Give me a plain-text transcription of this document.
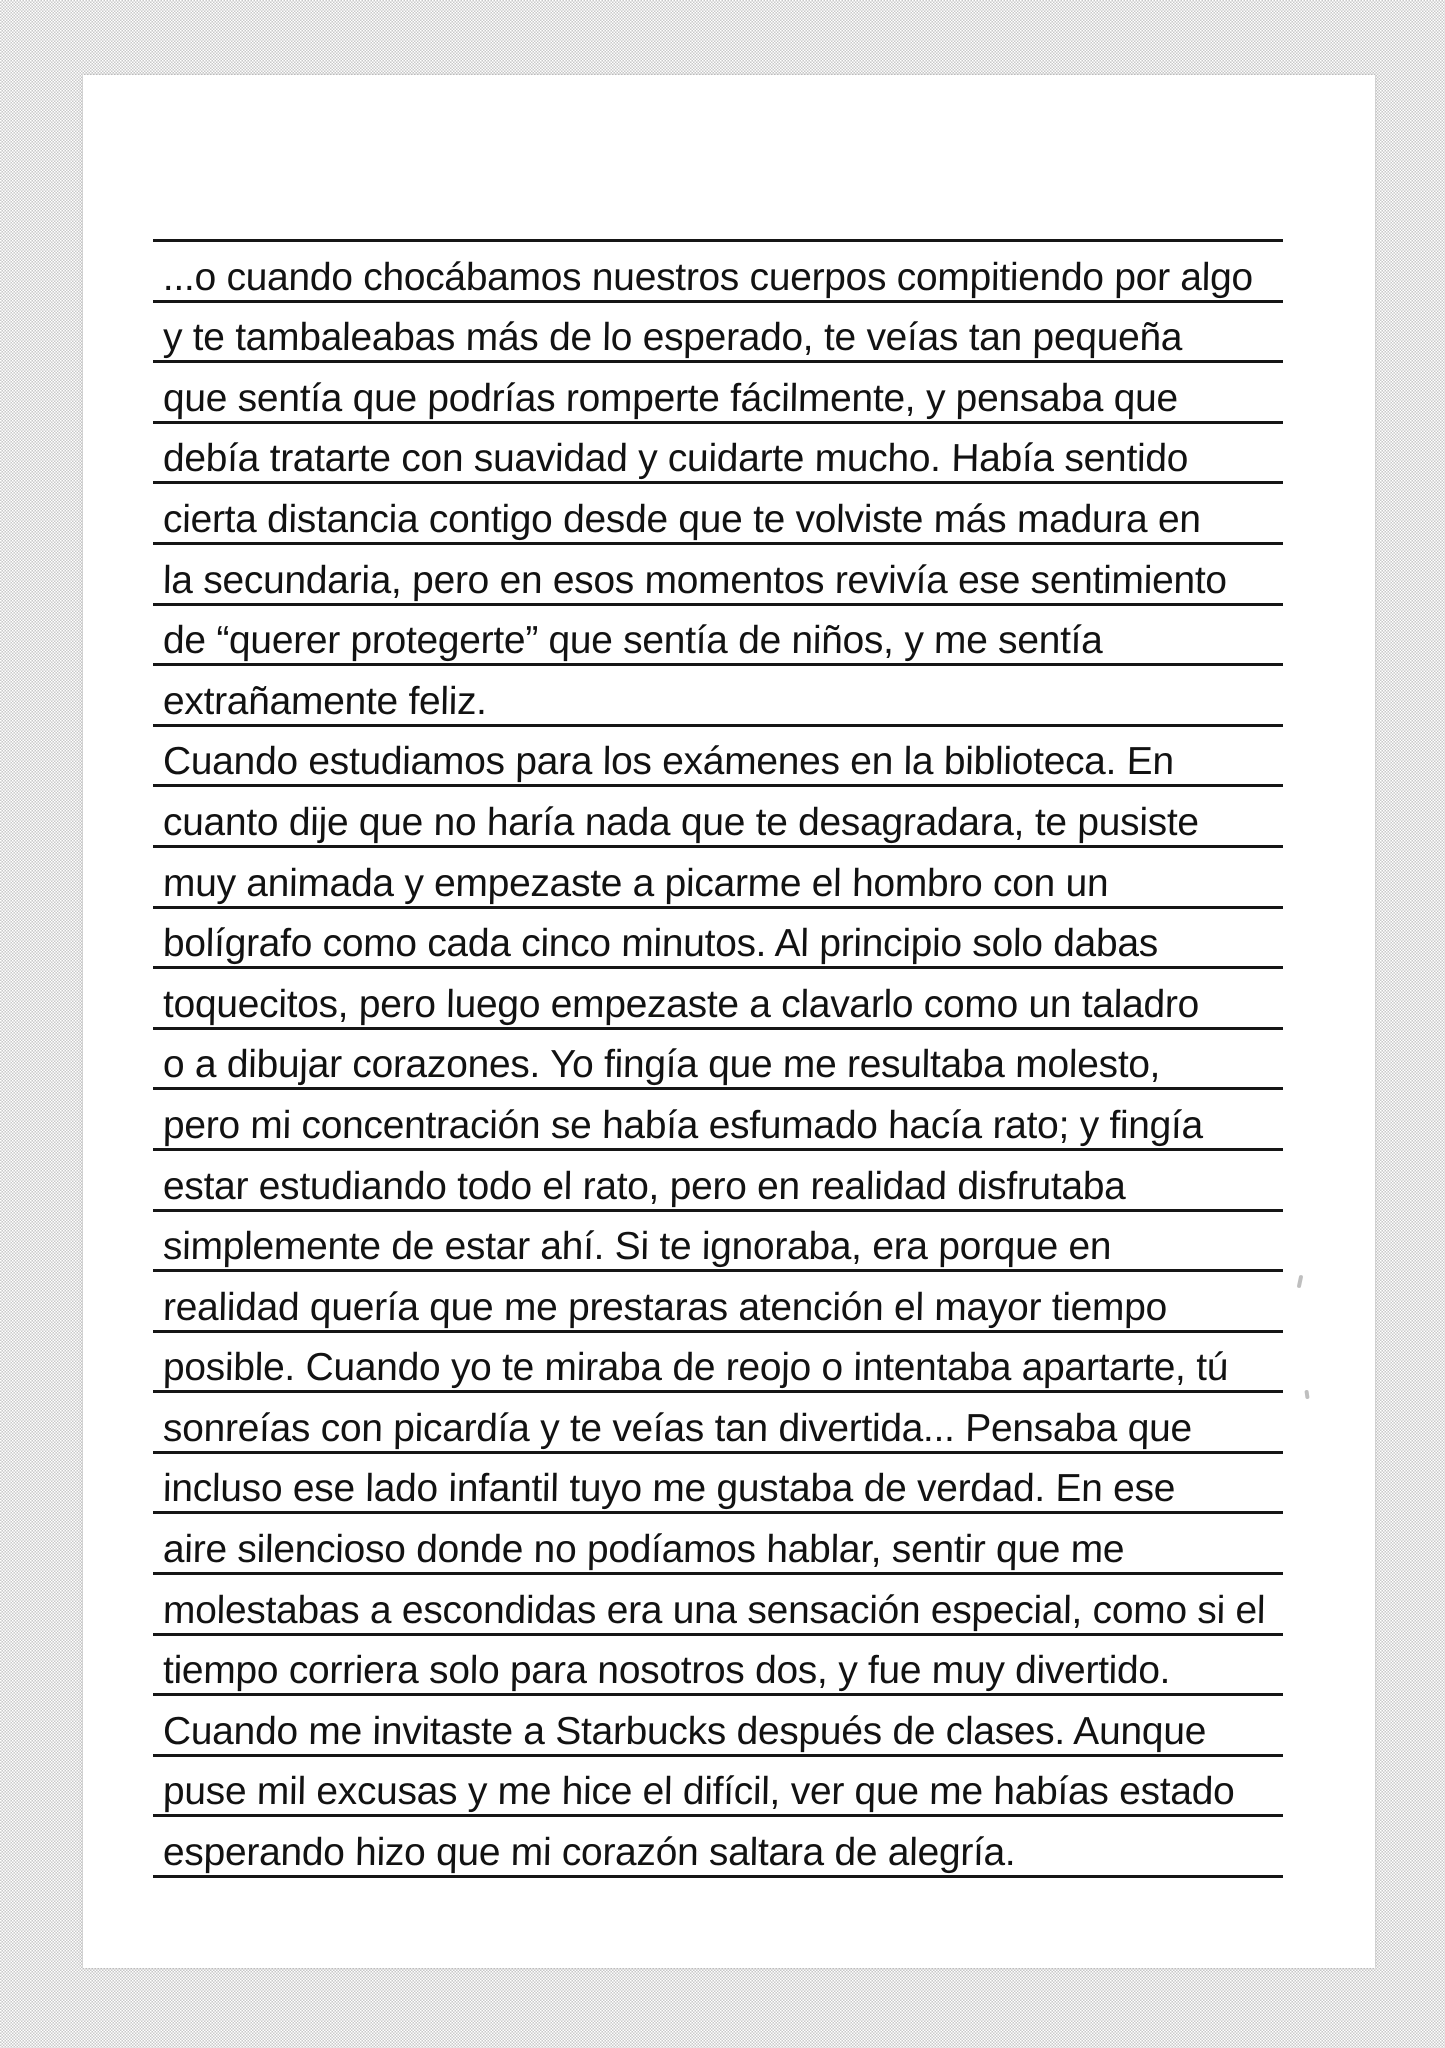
...o cuando chocábamos nuestros cuerpos compitiendo por algo
y te tambaleabas más de lo esperado, te veías tan pequeña
que sentía que podrías romperte fácilmente, y pensaba que
debía tratarte con suavidad y cuidarte mucho. Había sentido
cierta distancia contigo desde que te volviste más madura en
la secundaria, pero en esos momentos revivía ese sentimiento
de “querer protegerte” que sentía de niños, y me sentía
extrañamente feliz.
Cuando estudiamos para los exámenes en la biblioteca. En
cuanto dije que no haría nada que te desagradara, te pusiste
muy animada y empezaste a picarme el hombro con un
bolígrafo como cada cinco minutos. Al principio solo dabas
toquecitos, pero luego empezaste a clavarlo como un taladro
o a dibujar corazones. Yo fingía que me resultaba molesto,
pero mi concentración se había esfumado hacía rato; y fingía
estar estudiando todo el rato, pero en realidad disfrutaba
simplemente de estar ahí. Si te ignoraba, era porque en
realidad quería que me prestaras atención el mayor tiempo
posible. Cuando yo te miraba de reojo o intentaba apartarte, tú
sonreías con picardía y te veías tan divertida... Pensaba que
incluso ese lado infantil tuyo me gustaba de verdad. En ese
aire silencioso donde no podíamos hablar, sentir que me
molestabas a escondidas era una sensación especial, como si el
tiempo corriera solo para nosotros dos, y fue muy divertido.
Cuando me invitaste a Starbucks después de clases. Aunque
puse mil excusas y me hice el difícil, ver que me habías estado
esperando hizo que mi corazón saltara de alegría.
